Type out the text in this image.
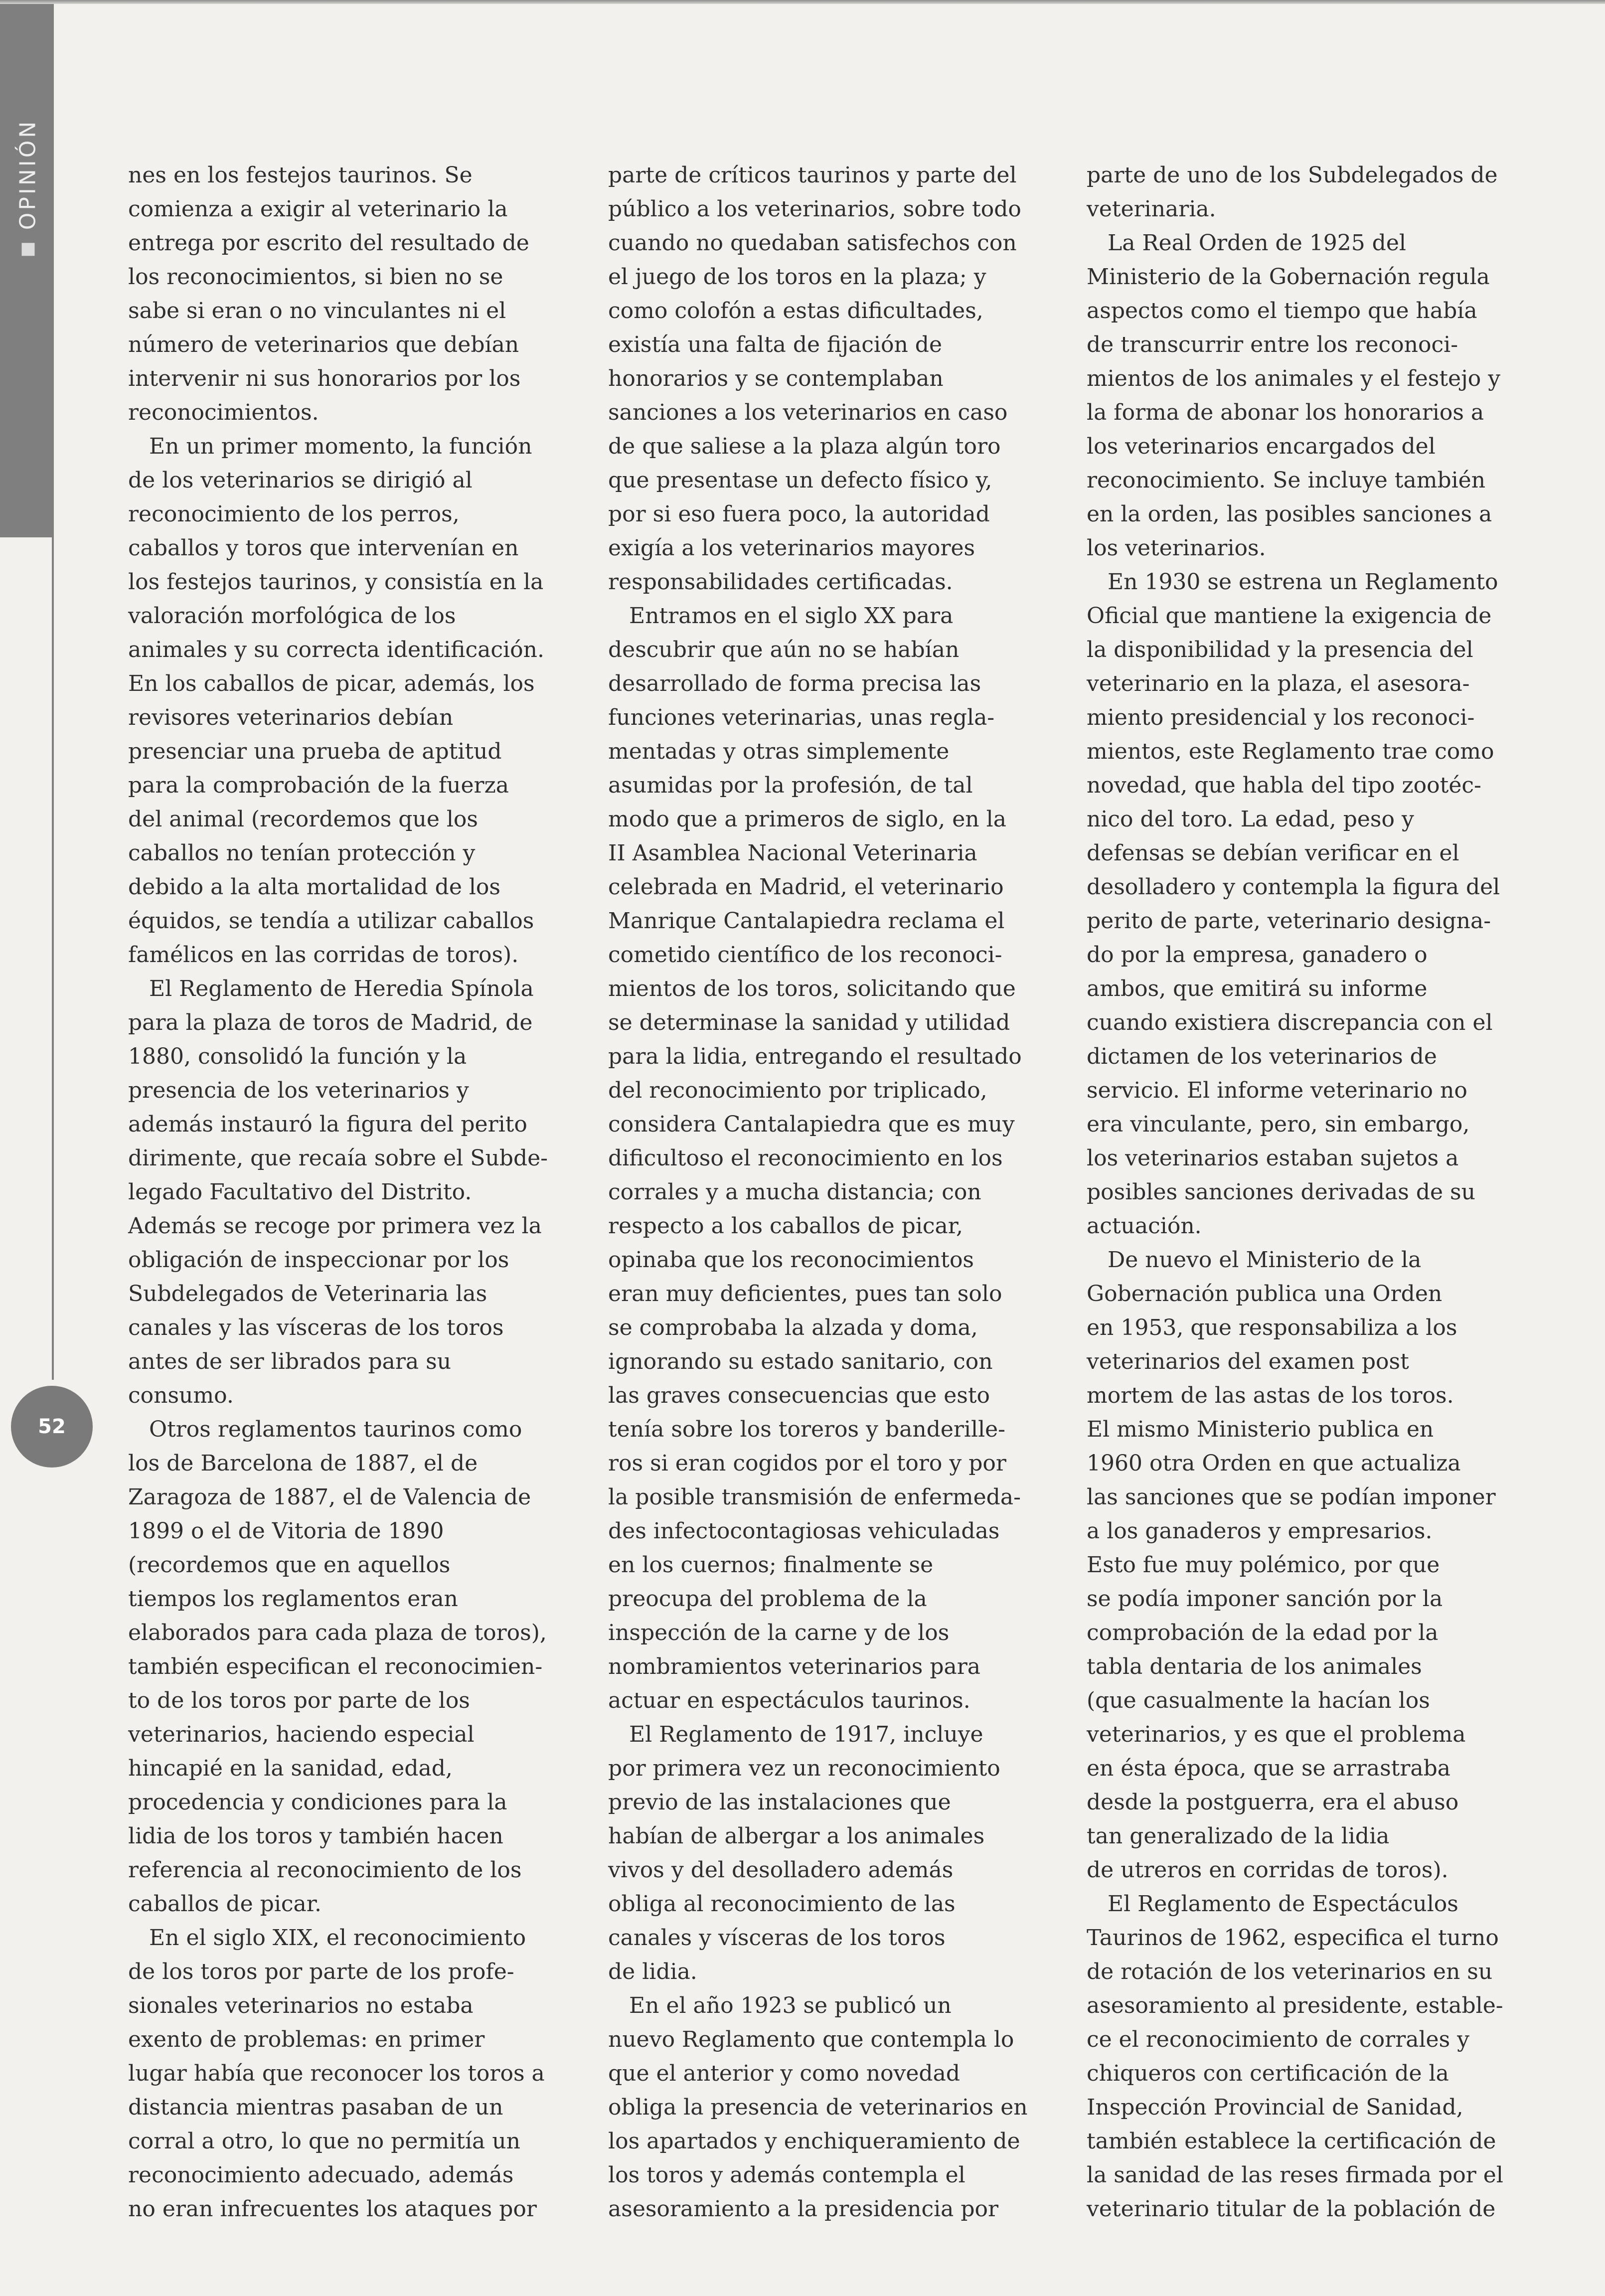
OPINIÓN
52

nes en los festejos taurinos. Se

comienza a exigir al veterinario la

entrega por escrito del resultado de

los reconocimientos, si bien no se

sabe si eran o no vinculantes ni el

número de veterinarios que debían

intervenir ni sus honorarios por los

reconocimientos.

En un primer momento, la función

de los veterinarios se dirigió al

reconocimiento de los perros,

caballos y toros que intervenían en

los festejos taurinos, y consistía en la

valoración morfológica de los

animales y su correcta identificación.

En los caballos de picar, además, los

revisores veterinarios debían

presenciar una prueba de aptitud

para la comprobación de la fuerza

del animal (recordemos que los

caballos no tenían protección y

debido a la alta mortalidad de los

équidos, se tendía a utilizar caballos

famélicos en las corridas de toros).

El Reglamento de Heredia Spínola

para la plaza de toros de Madrid, de

1880, consolidó la función y la

presencia de los veterinarios y

además instauró la figura del perito

dirimente, que recaía sobre el Subde-

legado Facultativo del Distrito.

Además se recoge por primera vez la

obligación de inspeccionar por los

Subdelegados de Veterinaria las

canales y las vísceras de los toros

antes de ser librados para su

consumo.

Otros reglamentos taurinos como

los de Barcelona de 1887, el de

Zaragoza de 1887, el de Valencia de

1899 o el de Vitoria de 1890

(recordemos que en aquellos

tiempos los reglamentos eran

elaborados para cada plaza de toros),

también especifican el reconocimien-

to de los toros por parte de los

veterinarios, haciendo especial

hincapié en la sanidad, edad,

procedencia y condiciones para la

lidia de los toros y también hacen

referencia al reconocimiento de los

caballos de picar.

En el siglo XIX, el reconocimiento

de los toros por parte de los profe-

sionales veterinarios no estaba

exento de problemas: en primer

lugar había que reconocer los toros a

distancia mientras pasaban de un

corral a otro, lo que no permitía un

reconocimiento adecuado, además

no eran infrecuentes los ataques por

parte de críticos taurinos y parte del

público a los veterinarios, sobre todo

cuando no quedaban satisfechos con

el juego de los toros en la plaza; y

como colofón a estas dificultades,

existía una falta de fijación de

honorarios y se contemplaban

sanciones a los veterinarios en caso

de que saliese a la plaza algún toro

que presentase un defecto físico y,

por si eso fuera poco, la autoridad

exigía a los veterinarios mayores

responsabilidades certificadas.

Entramos en el siglo XX para

descubrir que aún no se habían

desarrollado de forma precisa las

funciones veterinarias, unas regla-

mentadas y otras simplemente

asumidas por la profesión, de tal

modo que a primeros de siglo, en la

II Asamblea Nacional Veterinaria

celebrada en Madrid, el veterinario

Manrique Cantalapiedra reclama el

cometido científico de los reconoci-

mientos de los toros, solicitando que

se determinase la sanidad y utilidad

para la lidia, entregando el resultado

del reconocimiento por triplicado,

considera Cantalapiedra que es muy

dificultoso el reconocimiento en los

corrales y a mucha distancia; con

respecto a los caballos de picar,

opinaba que los reconocimientos

eran muy deficientes, pues tan solo

se comprobaba la alzada y doma,

ignorando su estado sanitario, con

las graves consecuencias que esto

tenía sobre los toreros y banderille-

ros si eran cogidos por el toro y por

la posible transmisión de enfermeda-

des infectocontagiosas vehiculadas

en los cuernos; finalmente se

preocupa del problema de la

inspección de la carne y de los

nombramientos veterinarios para

actuar en espectáculos taurinos.

El Reglamento de 1917, incluye

por primera vez un reconocimiento

previo de las instalaciones que

habían de albergar a los animales

vivos y del desolladero además

obliga al reconocimiento de las

canales y vísceras de los toros

de lidia.

En el año 1923 se publicó un

nuevo Reglamento que contempla lo

que el anterior y como novedad

obliga la presencia de veterinarios en

los apartados y enchiqueramiento de

los toros y además contempla el

asesoramiento a la presidencia por

parte de uno de los Subdelegados de

veterinaria.

La Real Orden de 1925 del

Ministerio de la Gobernación regula

aspectos como el tiempo que había

de transcurrir entre los reconoci-

mientos de los animales y el festejo y

la forma de abonar los honorarios a

los veterinarios encargados del

reconocimiento. Se incluye también

en la orden, las posibles sanciones a

los veterinarios.

En 1930 se estrena un Reglamento

Oficial que mantiene la exigencia de

la disponibilidad y la presencia del

veterinario en la plaza, el asesora-

miento presidencial y los reconoci-

mientos, este Reglamento trae como

novedad, que habla del tipo zootéc-

nico del toro. La edad, peso y

defensas se debían verificar en el

desolladero y contempla la figura del

perito de parte, veterinario designa-

do por la empresa, ganadero o

ambos, que emitirá su informe

cuando existiera discrepancia con el

dictamen de los veterinarios de

servicio. El informe veterinario no

era vinculante, pero, sin embargo,

los veterinarios estaban sujetos a

posibles sanciones derivadas de su

actuación.

De nuevo el Ministerio de la

Gobernación publica una Orden

en 1953, que responsabiliza a los

veterinarios del examen post

mortem de las astas de los toros.

El mismo Ministerio publica en

1960 otra Orden en que actualiza

las sanciones que se podían imponer

a los ganaderos y empresarios.

Esto fue muy polémico, por que

se podía imponer sanción por la

comprobación de la edad por la

tabla dentaria de los animales

(que casualmente la hacían los

veterinarios, y es que el problema

en ésta época, que se arrastraba

desde la postguerra, era el abuso

tan generalizado de la lidia

de utreros en corridas de toros).

El Reglamento de Espectáculos

Taurinos de 1962, especifica el turno

de rotación de los veterinarios en su

asesoramiento al presidente, estable-

ce el reconocimiento de corrales y

chiqueros con certificación de la

Inspección Provincial de Sanidad,

también establece la certificación de

la sanidad de las reses firmada por el

veterinario titular de la población de
